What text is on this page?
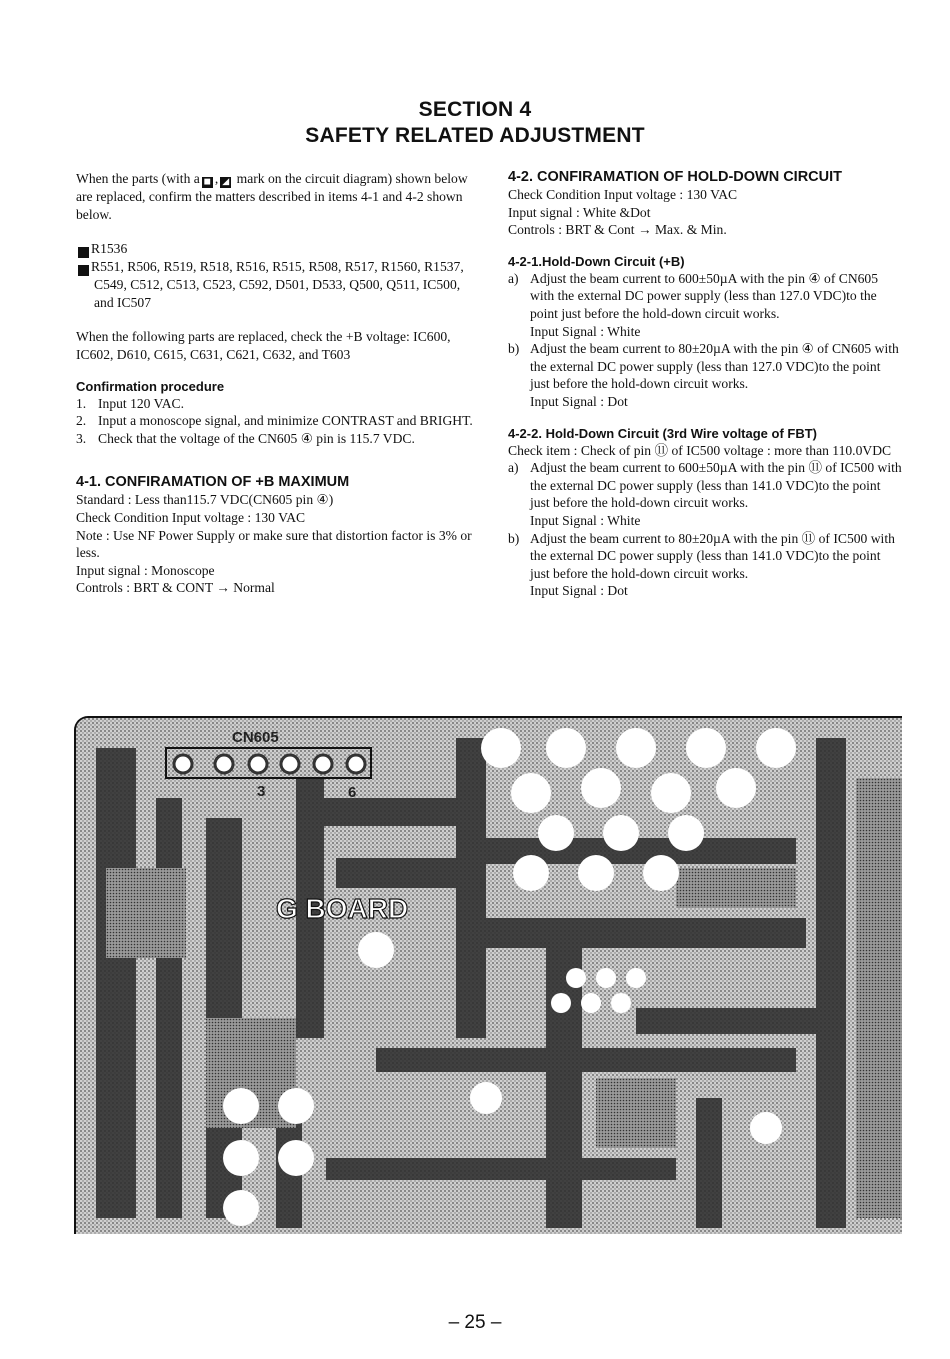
SECTION 4
SAFETY RELATED ADJUSTMENT

When the parts (with a ◼ , ◢ mark on the circuit diagram) shown below are replaced, confirm the matters described in items 4-1 and 4-2 shown below.

◼ R1536
◢ R551, R506, R519, R518, R516, R515, R508, R517, R1560, R1537, C549, C512, C513, C523, C592, D501, D533, Q500, Q511, IC500, and IC507

When the following parts are replaced, check the +B voltage: IC600, IC602, D610, C615, C631, C621, C632, and T603

Confirmation procedure
1. Input 120 VAC.
2. Input a monoscope signal, and minimize CONTRAST and BRIGHT.
3. Check that the voltage of the CN605 ④ pin is 115.7 VDC.
4-1. CONFIRAMATION OF +B MAXIMUM

Standard : Less than115.7 VDC(CN605 pin ④)

Check Condition Input voltage : 130 VAC

Note : Use NF Power Supply or make sure that distortion factor is 3% or less.

Input signal : Monoscope

Controls : BRT & CONT → Normal

4-2. CONFIRAMATION OF HOLD-DOWN CIRCUIT

Check Condition Input voltage : 130 VAC

Input signal : White &Dot

Controls : BRT & Cont → Max. & Min.

4-2-1.Hold-Down Circuit (+B)
a) Adjust the beam current to 600±50µA with the pin ④ of CN605 with the external DC power supply (less than 127.0 VDC)to the point just before the hold-down circuit works.
Input Signal : White
b) Adjust the beam current to 80±20µA with the pin ④ of CN605 with the external DC power supply (less than 127.0 VDC)to the point just before the hold-down circuit works.
Input Signal : Dot
4-2-2. Hold-Down Circuit (3rd Wire voltage of FBT)

Check item : Check of pin ⑪ of IC500 voltage : more than 110.0VDC

a) Adjust the beam current to 600±50µA with the pin ⑪ of IC500 with the external DC power supply (less than 141.0 VDC)to the point just before the hold-down circuit works.
Input Signal : White
b) Adjust the beam current to 80±20µA with the pin ⑪ of IC500 with the external DC power supply (less than 141.0 VDC)to the point just before the hold-down circuit works.
Input Signal : Dot
CN605
3	6
G BOARD
– 25 –
